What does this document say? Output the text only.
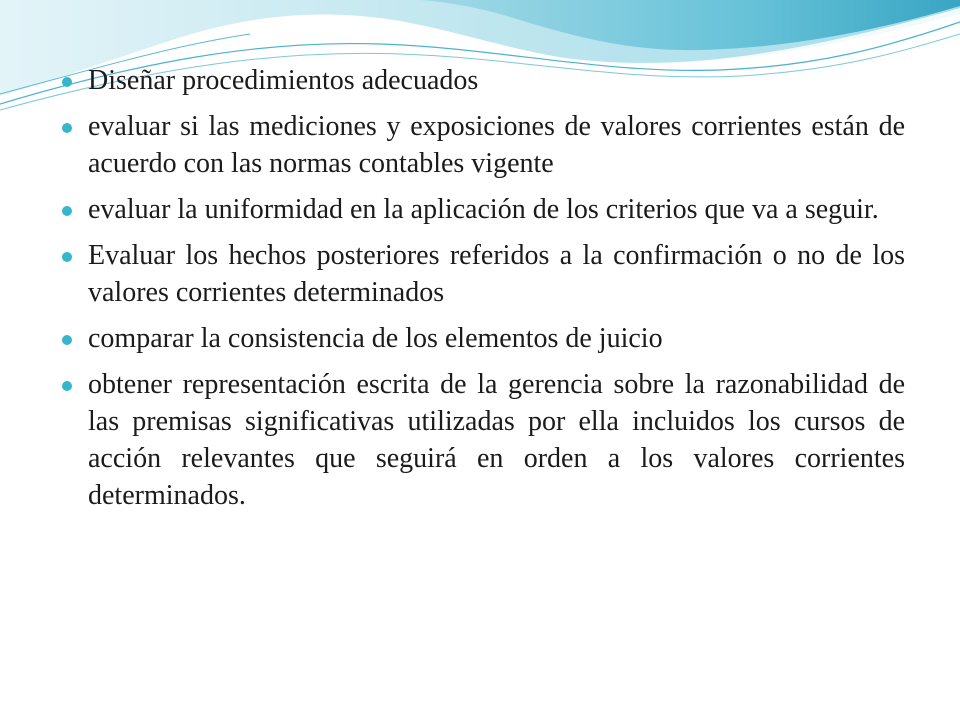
Diseñar procedimientos adecuados
evaluar si las mediciones y exposiciones de valores corrientes están de acuerdo con las normas contables vigente
evaluar la uniformidad en la aplicación de los criterios que va a seguir.
Evaluar los hechos posteriores referidos a la confirmación o no de los valores corrientes determinados
comparar la consistencia de los elementos de juicio
obtener representación escrita de la gerencia sobre la razonabilidad de las premisas significativas utilizadas por ella incluidos los cursos de acción relevantes que seguirá en orden a los valores corrientes determinados.
